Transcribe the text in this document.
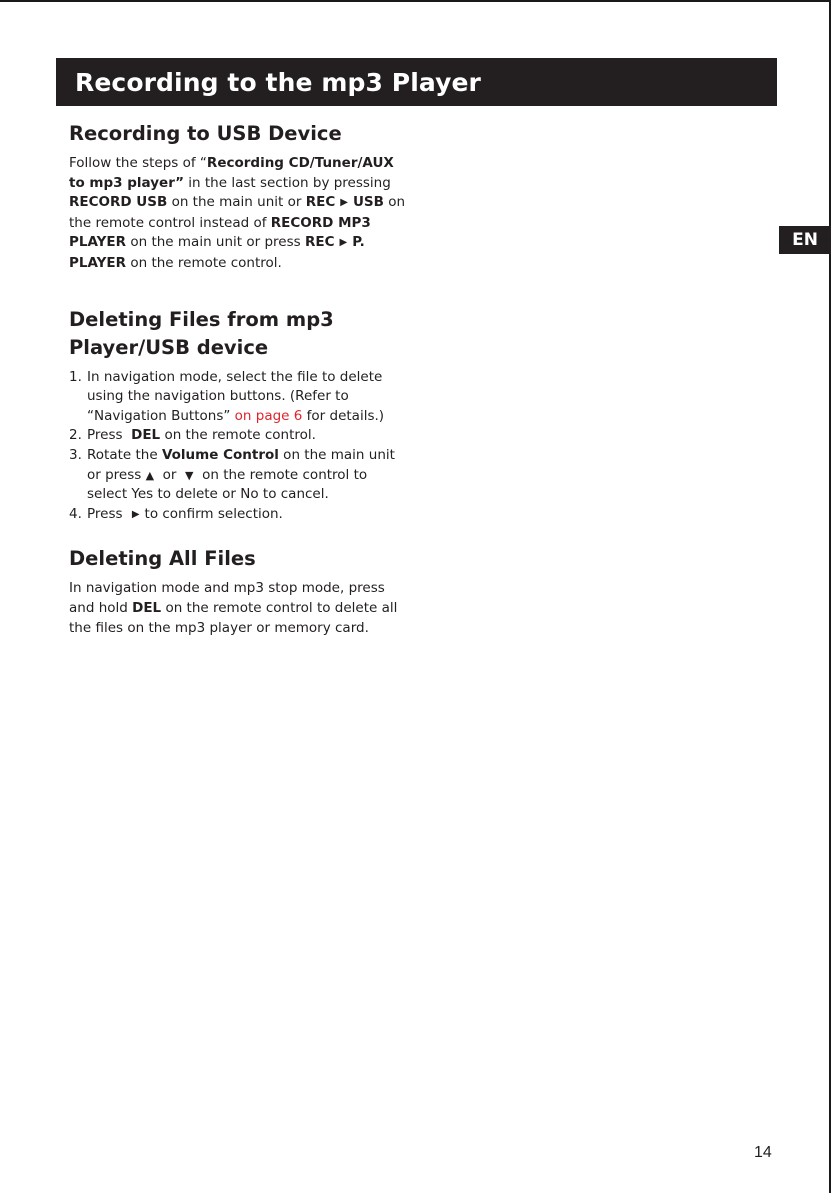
Recording to the mp3 Player
EN
Recording to USB Device

Follow the steps of “Recording CD/Tuner/AUX to mp3 player” in the last section by pressing RECORD USB on the main unit or REC ▶ USB on the remote control instead of RECORD MP3 PLAYER on the main unit or press REC ▶ P. PLAYER on the remote control.

Deleting Files from mp3
Player/USB device
1. In navigation mode, select the file to delete using the navigation buttons. (Refer to “Navigation Buttons” on page 6 for details.)
2. Press  DEL on the remote control.
3. Rotate the Volume Control on the main unit or press ▲  or  ▼  on the remote control to select Yes to delete or No to cancel.
4. Press ▶ to confirm selection.
Deleting All Files

In navigation mode and mp3 stop mode, press and hold DEL on the remote control to delete all the files on the mp3 player or memory card.

14
